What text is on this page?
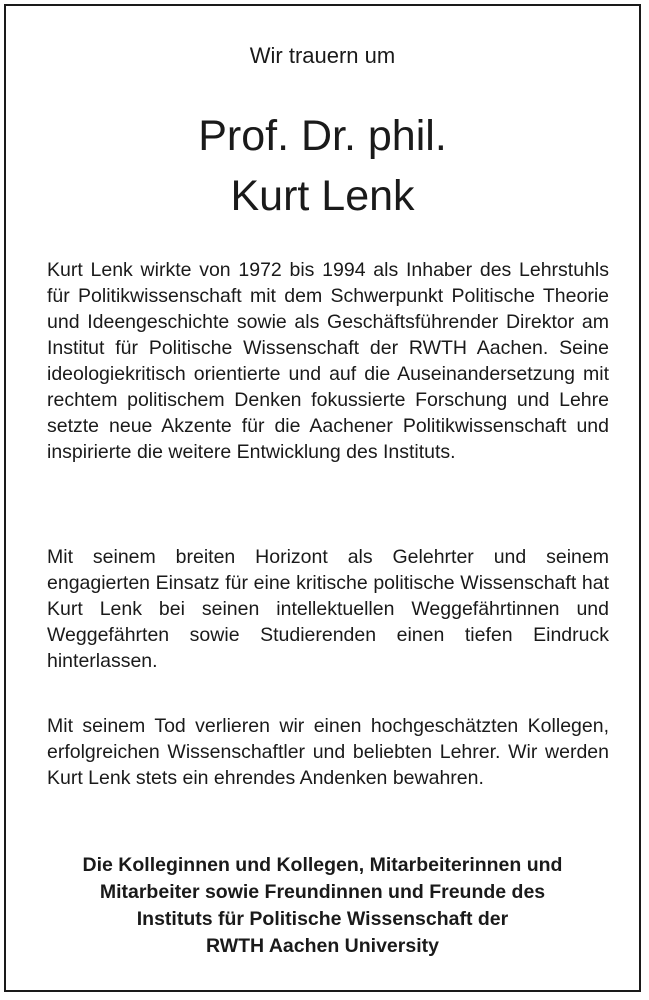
Wir trauern um
Prof. Dr. phil.
Kurt Lenk
Kurt Lenk wirkte von 1972 bis 1994 als Inhaber des Lehrstuhls für Politikwissenschaft mit dem Schwerpunkt Politische Theorie und Ideengeschichte sowie als Geschäftsführender Direktor am Institut für Politische Wissenschaft der RWTH Aachen. Seine ideologiekritisch orientierte und auf die Auseinandersetzung mit rechtem politischem Denken fokussierte Forschung und Lehre setzte neue Akzente für die Aachener Politikwissenschaft und inspirierte die weitere Entwicklung des Instituts.
Mit seinem breiten Horizont als Gelehrter und seinem engagierten Einsatz für eine kritische politische Wissenschaft hat Kurt Lenk bei seinen intellektuellen Weggefährtinnen und Weggefährten sowie Studierenden einen tiefen Eindruck hinterlassen.
Mit seinem Tod verlieren wir einen hochgeschätzten Kollegen, erfolgreichen Wissenschaftler und beliebten Lehrer. Wir werden Kurt Lenk stets ein ehrendes Andenken bewahren.
Die Kolleginnen und Kollegen, Mitarbeiterinnen und
Mitarbeiter sowie Freundinnen und Freunde des
Instituts für Politische Wissenschaft der
RWTH Aachen University
